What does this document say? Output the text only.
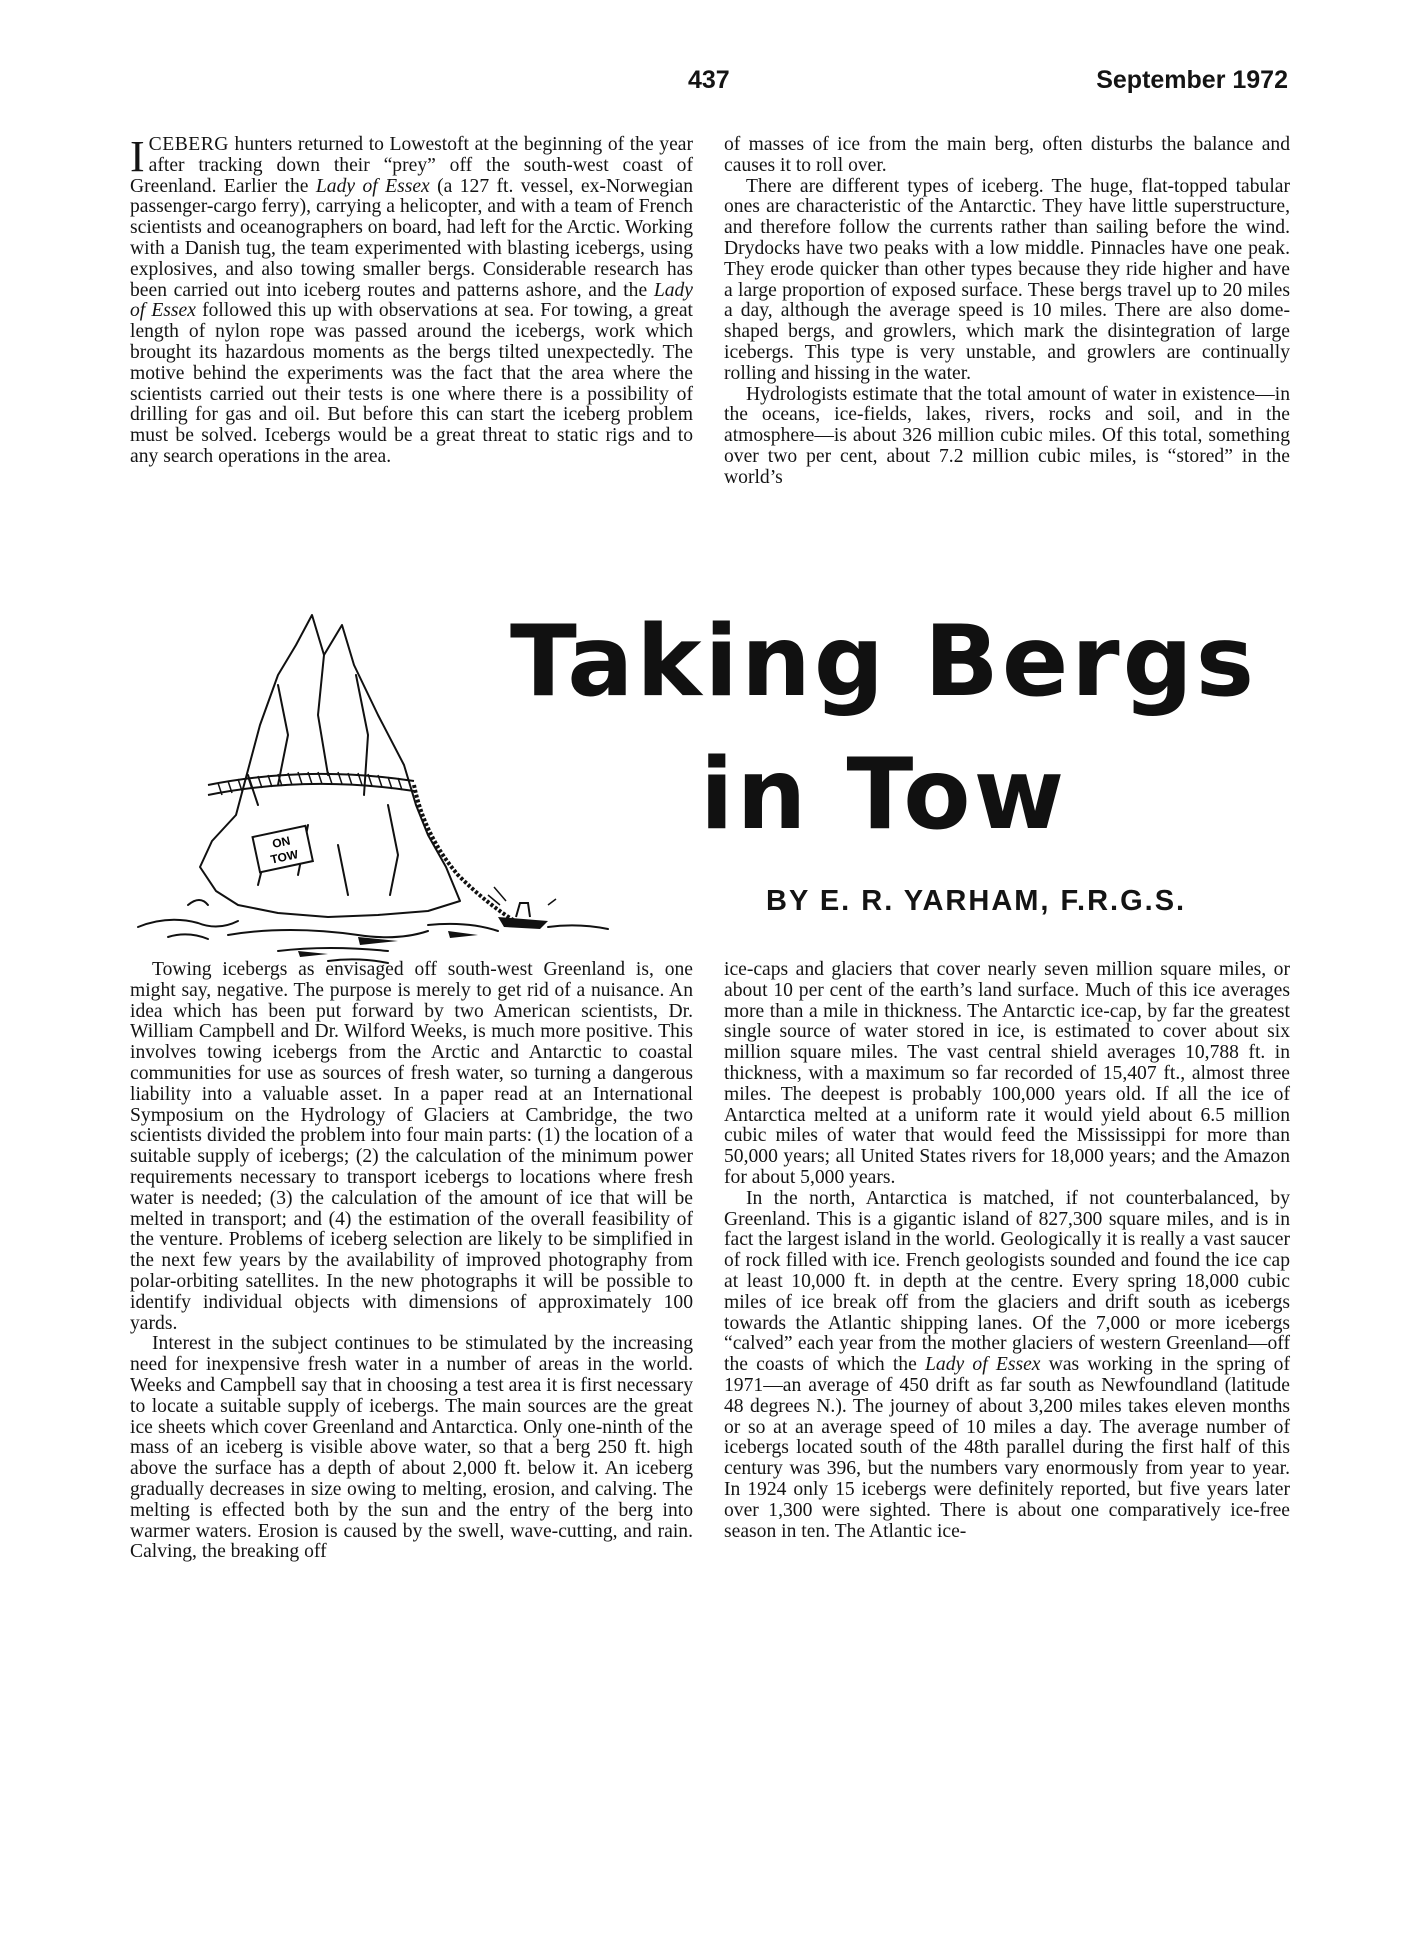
437	September 1972

ICEBERG hunters returned to Lowestoft at the beginning of the year after tracking down their “prey” off the south-west coast of Greenland. Earlier the Lady of Essex (a 127 ft. vessel, ex-Norwegian passenger-cargo ferry), carrying a helicopter, and with a team of French scientists and oceanographers on board, had left for the Arctic. Working with a Danish tug, the team experimented with blasting icebergs, using explosives, and also towing smaller bergs. Considerable research has been carried out into iceberg routes and patterns ashore, and the Lady of Essex followed this up with observations at sea. For towing, a great length of nylon rope was passed around the icebergs, work which brought its hazardous moments as the bergs tilted unexpectedly. The motive behind the experiments was the fact that the area where the scientists carried out their tests is one where there is a possibility of drilling for gas and oil. But before this can start the iceberg problem must be solved. Icebergs would be a great threat to static rigs and to any search operations in the area.

of masses of ice from the main berg, often disturbs the balance and causes it to roll over.

There are different types of iceberg. The huge, flat-topped tabular ones are characteristic of the Antarctic. They have little superstructure, and therefore follow the currents rather than sailing before the wind. Drydocks have two peaks with a low middle. Pinnacles have one peak. They erode quicker than other types because they ride higher and have a large proportion of exposed surface. These bergs travel up to 20 miles a day, although the average speed is 10 miles. There are also dome-shaped bergs, and growlers, which mark the disintegration of large icebergs. This type is very unstable, and growlers are continually rolling and hissing in the water.

Hydrologists estimate that the total amount of water in existence—in the oceans, ice-fields, lakes, rivers, rocks and soil, and in the atmosphere—is about 326 million cubic miles. Of this total, something over two per cent, about 7.2 million cubic miles, is “stored” in the world’s

ON
TOW
Taking Bergs
in Tow
BY E. R. YARHAM, F.R.G.S.

Towing icebergs as envisaged off south-west Greenland is, one might say, negative. The purpose is merely to get rid of a nuisance. An idea which has been put forward by two American scientists, Dr. William Campbell and Dr. Wilford Weeks, is much more positive. This involves towing icebergs from the Arctic and Antarctic to coastal communities for use as sources of fresh water, so turning a dangerous liability into a valuable asset. In a paper read at an International Symposium on the Hydrology of Glaciers at Cambridge, the two scientists divided the problem into four main parts: (1) the location of a suitable supply of icebergs; (2) the calculation of the minimum power requirements necessary to transport icebergs to locations where fresh water is needed; (3) the calculation of the amount of ice that will be melted in transport; and (4) the estimation of the overall feasibility of the venture. Problems of iceberg selection are likely to be simplified in the next few years by the availability of improved photography from polar-orbiting satellites. In the new photographs it will be possible to identify individual objects with dimensions of approximately 100 yards.

Interest in the subject continues to be stimulated by the increasing need for inexpensive fresh water in a number of areas in the world. Weeks and Campbell say that in choosing a test area it is first necessary to locate a suitable supply of icebergs. The main sources are the great ice sheets which cover Greenland and Antarctica. Only one-ninth of the mass of an iceberg is visible above water, so that a berg 250 ft. high above the surface has a depth of about 2,000 ft. below it. An iceberg gradually decreases in size owing to melting, erosion, and calving. The melting is effected both by the sun and the entry of the berg into warmer waters. Erosion is caused by the swell, wave-cutting, and rain. Calving, the breaking off

ice-caps and glaciers that cover nearly seven million square miles, or about 10 per cent of the earth’s land surface. Much of this ice averages more than a mile in thickness. The Antarctic ice-cap, by far the greatest single source of water stored in ice, is estimated to cover about six million square miles. The vast central shield averages 10,788 ft. in thickness, with a maximum so far recorded of 15,407 ft., almost three miles. The deepest is probably 100,000 years old. If all the ice of Antarctica melted at a uniform rate it would yield about 6.5 million cubic miles of water that would feed the Mississippi for more than 50,000 years; all United States rivers for 18,000 years; and the Amazon for about 5,000 years.

In the north, Antarctica is matched, if not counterbalanced, by Greenland. This is a gigantic island of 827,300 square miles, and is in fact the largest island in the world. Geologically it is really a vast saucer of rock filled with ice. French geologists sounded and found the ice cap at least 10,000 ft. in depth at the centre. Every spring 18,000 cubic miles of ice break off from the glaciers and drift south as icebergs towards the Atlantic shipping lanes. Of the 7,000 or more icebergs “calved” each year from the mother glaciers of western Greenland—off the coasts of which the Lady of Essex was working in the spring of 1971—an average of 450 drift as far south as Newfoundland (latitude 48 degrees N.). The journey of about 3,200 miles takes eleven months or so at an average speed of 10 miles a day. The average number of icebergs located south of the 48th parallel during the first half of this century was 396, but the numbers vary enormously from year to year. In 1924 only 15 icebergs were definitely reported, but five years later over 1,300 were sighted. There is about one comparatively ice-free season in ten. The Atlantic ice-
